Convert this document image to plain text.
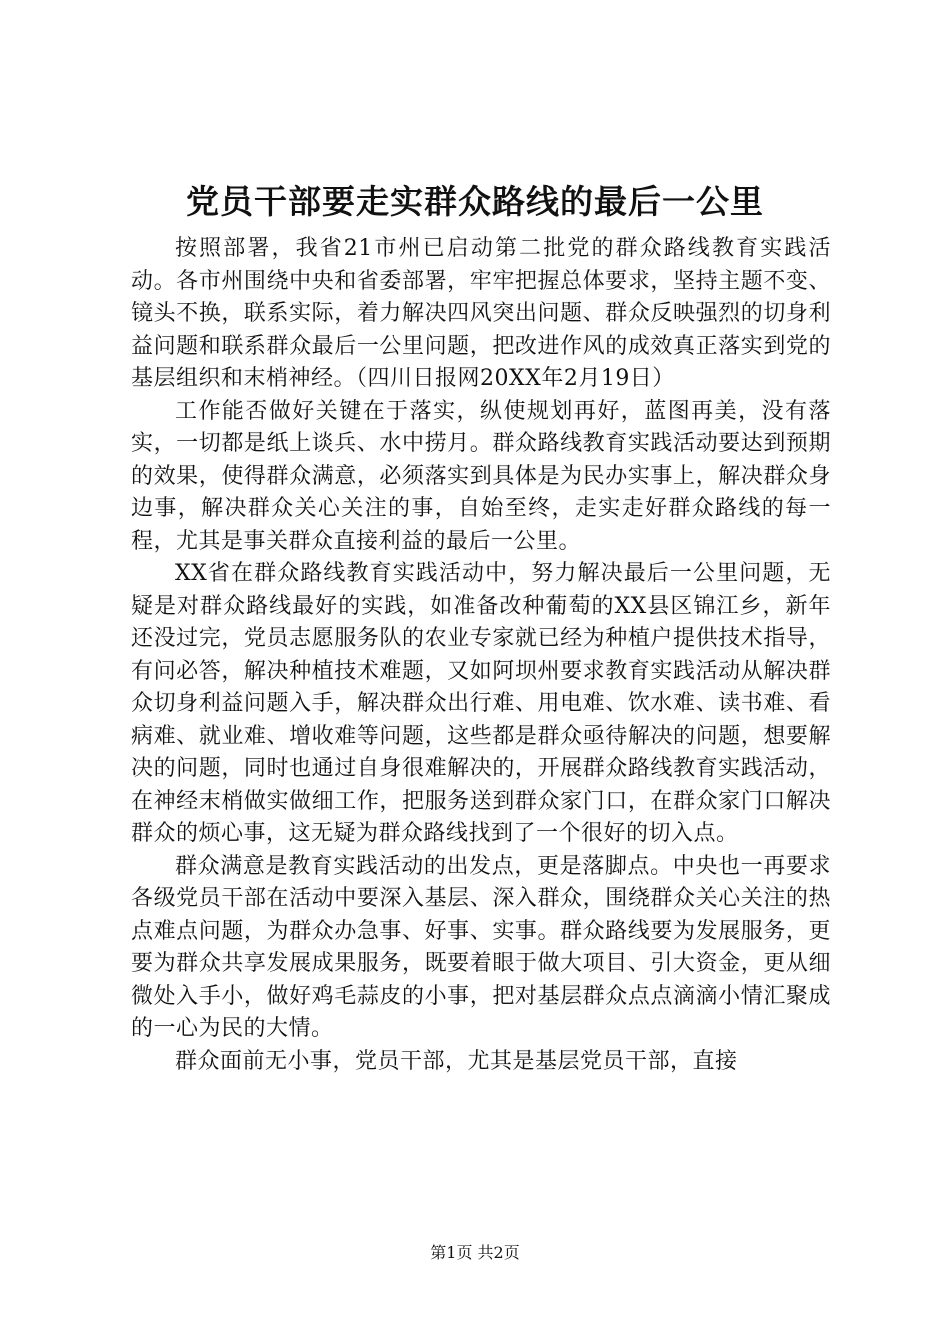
党员干部要走实群众路线的最后一公里

按照部署，我省21市州已启动第二批党的群众路线教育实践活动。各市州围绕中央和省委部署，牢牢把握总体要求，坚持主题不变、镜头不换，联系实际，着力解决四风突出问题、群众反映强烈的切身利益问题和联系群众最后一公里问题，把改进作风的成效真正落实到党的基层组织和末梢神经。（四川日报网20XX年2月19日）

工作能否做好关键在于落实，纵使规划再好，蓝图再美，没有落实，一切都是纸上谈兵、水中捞月。群众路线教育实践活动要达到预期的效果，使得群众满意，必须落实到具体是为民办实事上，解决群众身边事，解决群众关心关注的事，自始至终，走实走好群众路线的每一程，尤其是事关群众直接利益的最后一公里。

XX省在群众路线教育实践活动中，努力解决最后一公里问题，无疑是对群众路线最好的实践，如准备改种葡萄的XX县区锦江乡，新年还没过完，党员志愿服务队的农业专家就已经为种植户提供技术指导，有问必答，解决种植技术难题，又如阿坝州要求教育实践活动从解决群众切身利益问题入手，解决群众出行难、用电难、饮水难、读书难、看病难、就业难、增收难等问题，这些都是群众亟待解决的问题，想要解决的问题，同时也通过自身很难解决的，开展群众路线教育实践活动，在神经末梢做实做细工作，把服务送到群众家门口，在群众家门口解决群众的烦心事，这无疑为群众路线找到了一个很好的切入点。

群众满意是教育实践活动的出发点，更是落脚点。中央也一再要求各级党员干部在活动中要深入基层、深入群众，围绕群众关心关注的热点难点问题，为群众办急事、好事、实事。群众路线要为发展服务，更要为群众共享发展成果服务，既要着眼于做大项目、引大资金，更从细微处入手小，做好鸡毛蒜皮的小事，把对基层群众点点滴滴小情汇聚成的一心为民的大情。

群众面前无小事，党员干部，尤其是基层党员干部，直接

第1页 共2页
